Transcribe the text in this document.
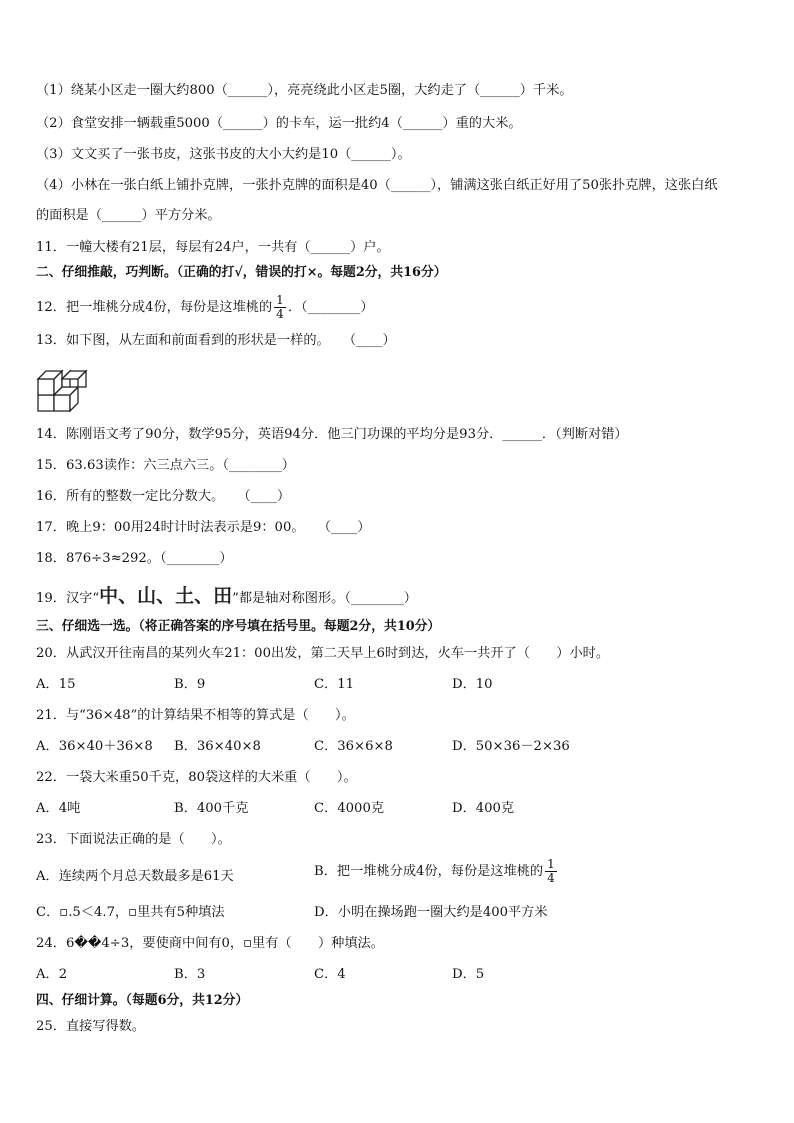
（1）绕某小区走一圈大约800（______），亮亮绕此小区走5圈，大约走了（______）千米。
（2）食堂安排一辆载重5000（______）的卡车，运一批约4（______）重的大米。
（3）文文买了一张书皮，这张书皮的大小大约是10（______）。
（4）小林在一张白纸上铺扑克牌，一张扑克牌的面积是40（______），铺满这张白纸正好用了50张扑克牌，这张白纸
的面积是（______）平方分米。
11．一幢大楼有21层，每层有24户，一共有（______）户。
二、仔细推敲，巧判断。（正确的打√，错误的打×。每题2分，共16分）
12．把一堆桃分成4份，每份是这堆桃的 $\frac{1}{4}$ ．（________）
13．如下图，从左面和前面看到的形状是一样的。　　（____）
14．陈刚语文考了90分，数学95分，英语94分．他三门功课的平均分是93分．______．（判断对错）
15．63.63读作：六三点六三。（________）
16．所有的整数一定比分数大。　　（____）
17．晚上9：00用24时计时法表示是9：00。　　（____）
18．876÷3≈292。（________）
19．汉字“中、山、土、田”都是轴对称图形。（________）
三、仔细选一选。（将正确答案的序号填在括号里。每题2分，共10分）
20．从武汉开往南昌的某列火车21：00出发，第二天早上6时到达，火车一共开了（　　）小时。
A．15	B．9	C．11	D．10
21．与“36×48”的计算结果不相等的算式是（　　）。
A．36×40＋36×8 B．36×40×8	C．36×6×8	D．50×36－2×36
22．一袋大米重50千克，80袋这样的大米重（　　）。
A．4吨	B．400千克	C．4000克	D．400克
23．下面说法正确的是（　　）。
A．连续两个月总天数最多是61天	B．把一堆桃分成4份，每份是这堆桃的 $\frac{1}{4}$
C．▫.5＜4.7，▫里共有5种填法	D．小明在操场跑一圈大约是400平方米
24．6��4÷3，要使商中间有0，▫里有（　　）种填法。
A．2	B．3	C．4	D．5
四、仔细计算。（每题6分，共12分）
25．直接写得数。
